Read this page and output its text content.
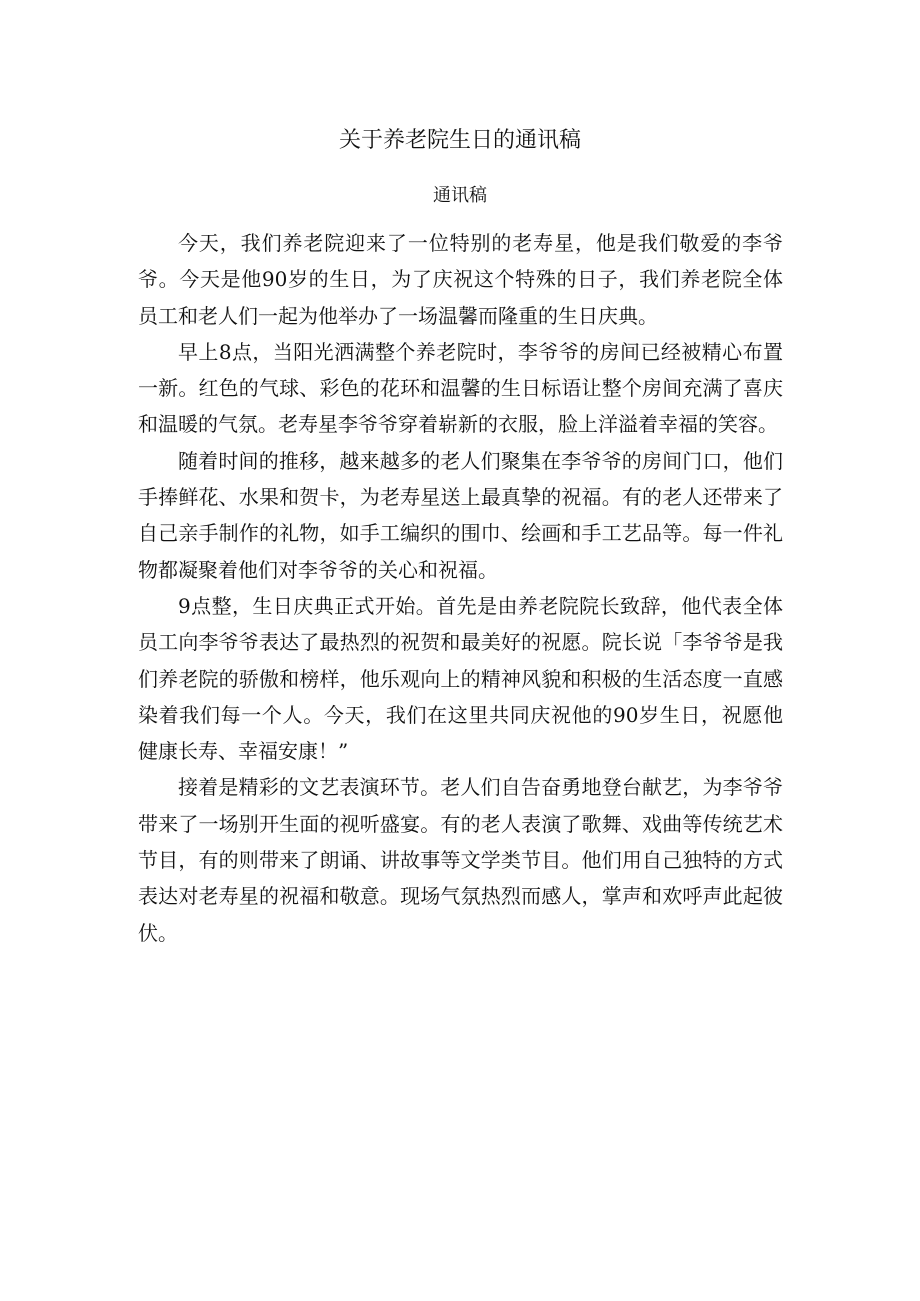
关于养老院生日的通讯稿
通讯稿

今天，我们养老院迎来了一位特别的老寿星，他是我们敬爱的李爷爷。今天是他90岁的生日，为了庆祝这个特殊的日子，我们养老院全体员工和老人们一起为他举办了一场温馨而隆重的生日庆典。

早上8点，当阳光洒满整个养老院时，李爷爷的房间已经被精心布置一新。红色的气球、彩色的花环和温馨的生日标语让整个房间充满了喜庆和温暖的气氛。老寿星李爷爷穿着崭新的衣服，脸上洋溢着幸福的笑容。

随着时间的推移，越来越多的老人们聚集在李爷爷的房间门口，他们手捧鲜花、水果和贺卡，为老寿星送上最真挚的祝福。有的老人还带来了自己亲手制作的礼物，如手工编织的围巾、绘画和手工艺品等。每一件礼物都凝聚着他们对李爷爷的关心和祝福。

9点整，生日庆典正式开始。首先是由养老院院长致辞，他代表全体员工向李爷爷表达了最热烈的祝贺和最美好的祝愿。院长说「李爷爷是我们养老院的骄傲和榜样，他乐观向上的精神风貌和积极的生活态度一直感染着我们每一个人。今天，我们在这里共同庆祝他的90岁生日，祝愿他健康长寿、幸福安康！”

接着是精彩的文艺表演环节。老人们自告奋勇地登台献艺，为李爷爷带来了一场别开生面的视听盛宴。有的老人表演了歌舞、戏曲等传统艺术节目，有的则带来了朗诵、讲故事等文学类节目。他们用自己独特的方式表达对老寿星的祝福和敬意。现场气氛热烈而感人，掌声和欢呼声此起彼伏。
